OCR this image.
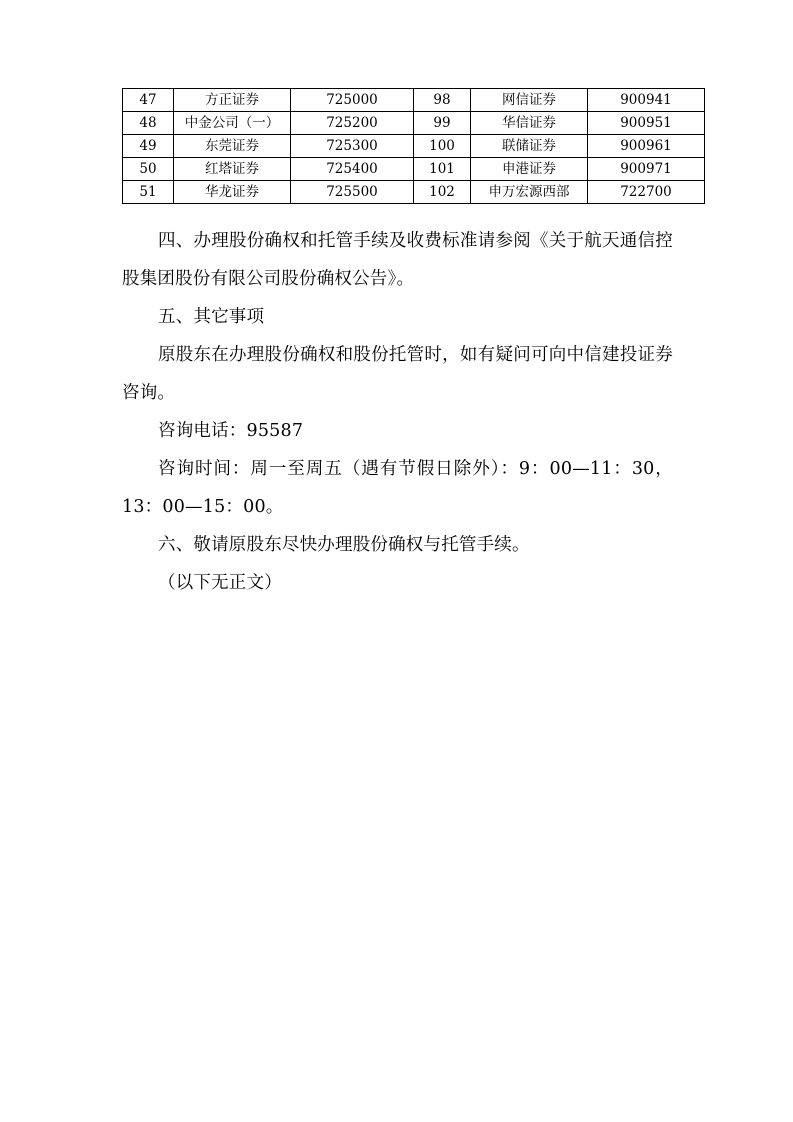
47	方正证券	725000	98	网信证券	900941
48	中金公司（一）	725200	99	华信证券	900951
49	东莞证券	725300	100	联储证券	900961
50	红塔证券	725400	101	申港证券	900971
51	华龙证券	725500	102	申万宏源西部	722700

四、办理股份确权和托管手续及收费标准请参阅《关于航天通信控股集团股份有限公司股份确权公告》。

五、其它事项

原股东在办理股份确权和股份托管时，如有疑问可向中信建投证券咨询。

咨询电话：95587

咨询时间：周一至周五（遇有节假日除外）：9：00—11：30，13：00—15：00。

六、敬请原股东尽快办理股份确权与托管手续。

（以下无正文）
